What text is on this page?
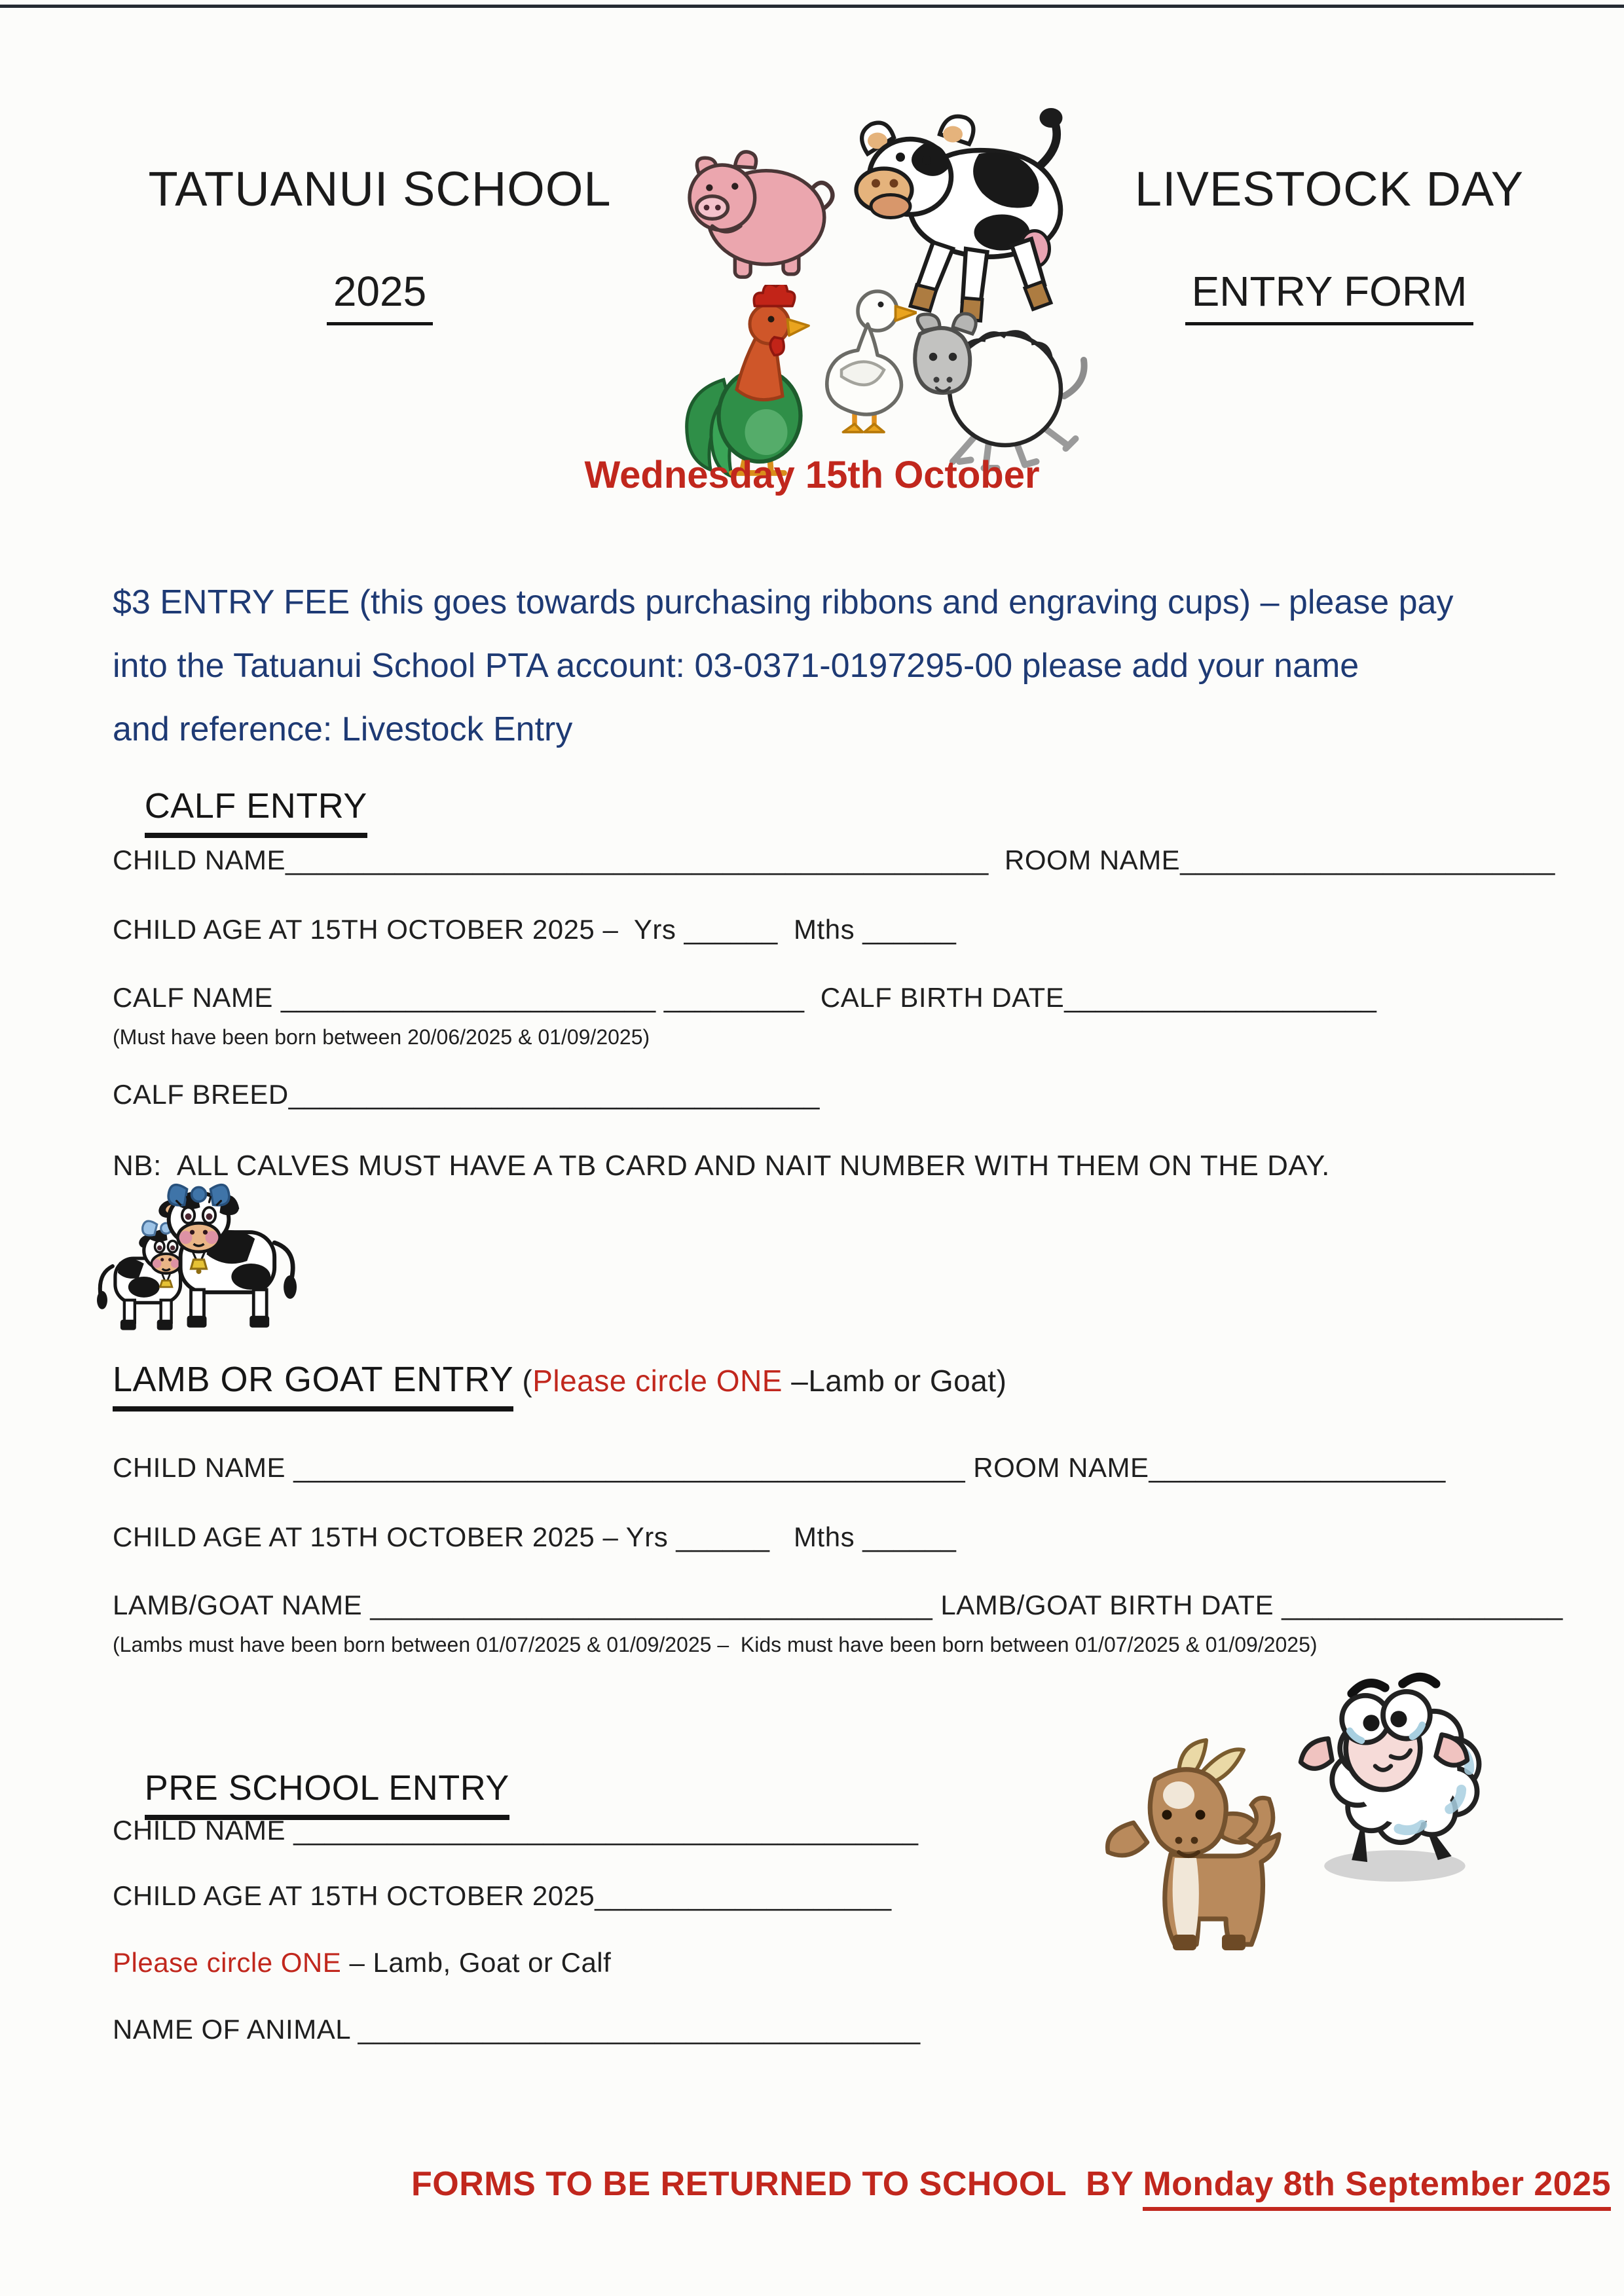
TATUANUI SCHOOL
2025
LIVESTOCK DAY
ENTRY FORM
Wednesday 15th October
$3 ENTRY FEE (this goes towards purchasing ribbons and engraving cups) – please pay
into the Tatuanui School PTA account: 03-0371-0197295-00 please add your name
and reference: Livestock Entry

CALF ENTRY

CHILD NAME_____________________________________________  ROOM NAME________________________
CHILD AGE AT 15TH OCTOBER 2025 –  Yrs ______  Mths ______
CALF NAME ________________________ _________  CALF BIRTH DATE____________________
(Must have been born between 20/06/2025 & 01/09/2025)
CALF BREED__________________________________
NB:  ALL CALVES MUST HAVE A TB CARD AND NAIT NUMBER WITH THEM ON THE DAY.
LAMB OR GOAT ENTRY (Please circle ONE –Lamb or Goat)
CHILD NAME ___________________________________________ ROOM NAME___________________
CHILD AGE AT 15TH OCTOBER 2025 – Yrs ______   Mths ______
LAMB/GOAT NAME ____________________________________ LAMB/GOAT BIRTH DATE __________________
(Lambs must have been born between 01/07/2025 & 01/09/2025 –  Kids must have been born between 01/07/2025 & 01/09/2025)

PRE SCHOOL ENTRY

CHILD NAME ________________________________________
CHILD AGE AT 15TH OCTOBER 2025___________________
Please circle ONE – Lamb, Goat or Calf
NAME OF ANIMAL ____________________________________
FORMS TO BE RETURNED TO SCHOOL  BY Monday 8th September 2025
